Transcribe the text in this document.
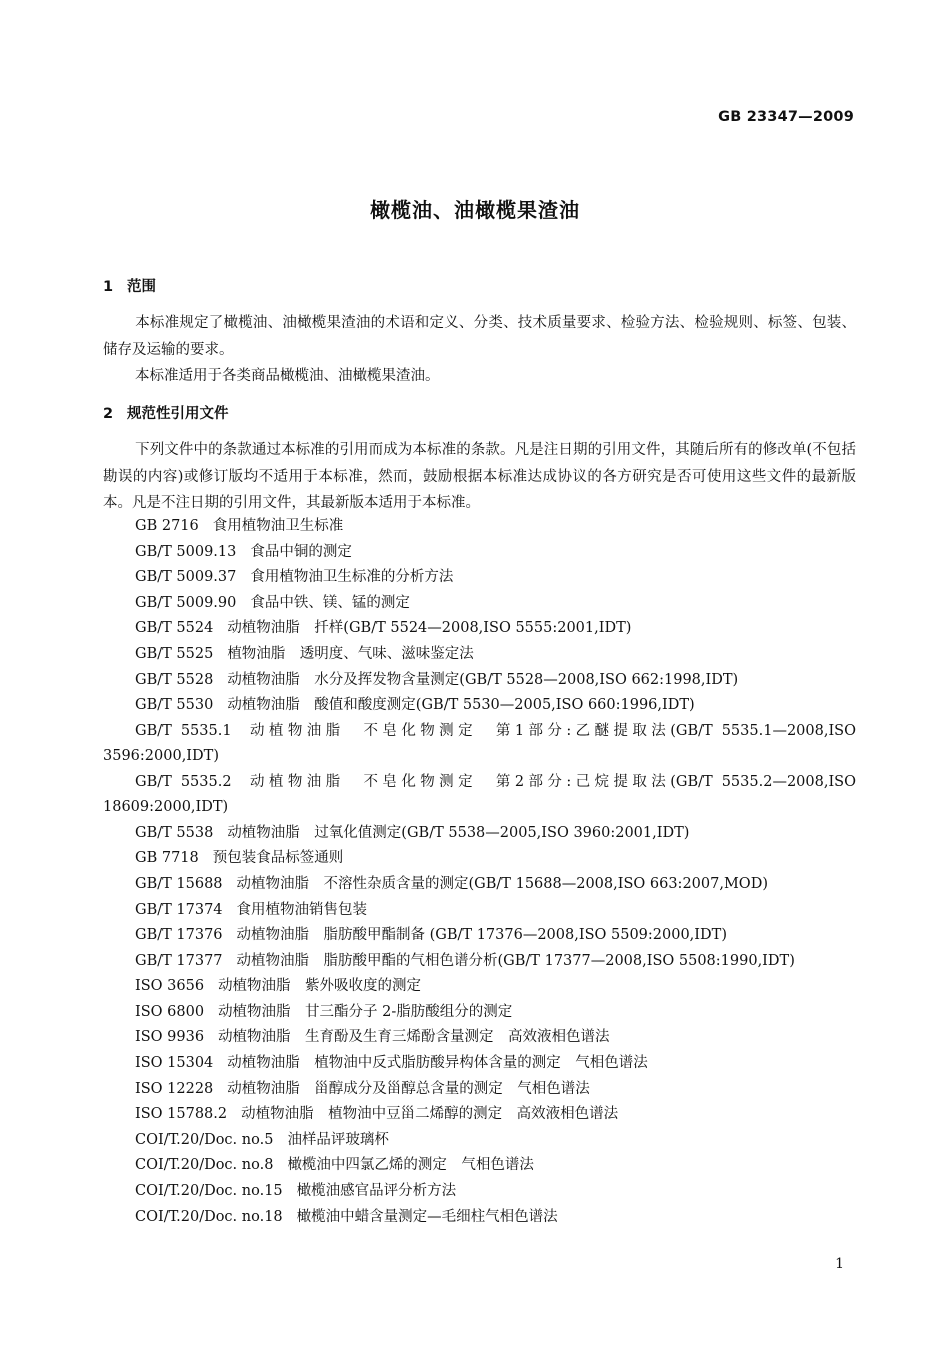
GB 23347—2009
橄榄油、油橄榄果渣油
1 范围
本标准规定了橄榄油、油橄榄果渣油的术语和定义、分类、技术质量要求、检验方法、检验规则、标签、包装、储存及运输的要求。
本标准适用于各类商品橄榄油、油橄榄果渣油。
2 规范性引用文件
下列文件中的条款通过本标准的引用而成为本标准的条款。凡是注日期的引用文件，其随后所有的修改单(不包括勘误的内容)或修订版均不适用于本标准，然而，鼓励根据本标准达成协议的各方研究是否可使用这些文件的最新版本。凡是不注日期的引用文件，其最新版本适用于本标准。
GB 2716 食用植物油卫生标准
GB/T 5009.13 食品中铜的测定
GB/T 5009.37 食用植物油卫生标准的分析方法
GB/T 5009.90 食品中铁、镁、锰的测定
GB/T 5524 动植物油脂　扦样(GB/T 5524—2008,ISO 5555:2001,IDT)
GB/T 5525 植物油脂　透明度、气味、滋味鉴定法
GB/T 5528 动植物油脂　水分及挥发物含量测定(GB/T 5528—2008,ISO 662:1998,IDT)
GB/T 5530 动植物油脂　酸值和酸度测定(GB/T 5530—2005,ISO 660:1996,IDT)
GB/T 5535.1 动植物油脂　不皂化物测定　第1部分:乙醚提取法(GB/T 5535.1—2008,ISO 3596:2000,IDT)
GB/T 5535.2 动植物油脂　不皂化物测定　第2部分:己烷提取法(GB/T 5535.2—2008,ISO 18609:2000,IDT)
GB/T 5538 动植物油脂　过氧化值测定(GB/T 5538—2005,ISO 3960:2001,IDT)
GB 7718 预包装食品标签通则
GB/T 15688 动植物油脂　不溶性杂质含量的测定(GB/T 15688—2008,ISO 663:2007,MOD)
GB/T 17374 食用植物油销售包装
GB/T 17376 动植物油脂　脂肪酸甲酯制备 (GB/T 17376—2008,ISO 5509:2000,IDT)
GB/T 17377 动植物油脂　脂肪酸甲酯的气相色谱分析(GB/T 17377—2008,ISO 5508:1990,IDT)
ISO 3656 动植物油脂　紫外吸收度的测定
ISO 6800 动植物油脂　甘三酯分子 2-脂肪酸组分的测定
ISO 9936 动植物油脂　生育酚及生育三烯酚含量测定　高效液相色谱法
ISO 15304 动植物油脂　植物油中反式脂肪酸异构体含量的测定　气相色谱法
ISO 12228 动植物油脂　甾醇成分及甾醇总含量的测定　气相色谱法
ISO 15788.2 动植物油脂　植物油中豆甾二烯醇的测定　高效液相色谱法
COI/T.20/Doc. no.5 油样品评玻璃杯
COI/T.20/Doc. no.8 橄榄油中四氯乙烯的测定　气相色谱法
COI/T.20/Doc. no.15 橄榄油感官品评分析方法
COI/T.20/Doc. no.18 橄榄油中蜡含量测定—毛细柱气相色谱法
1
